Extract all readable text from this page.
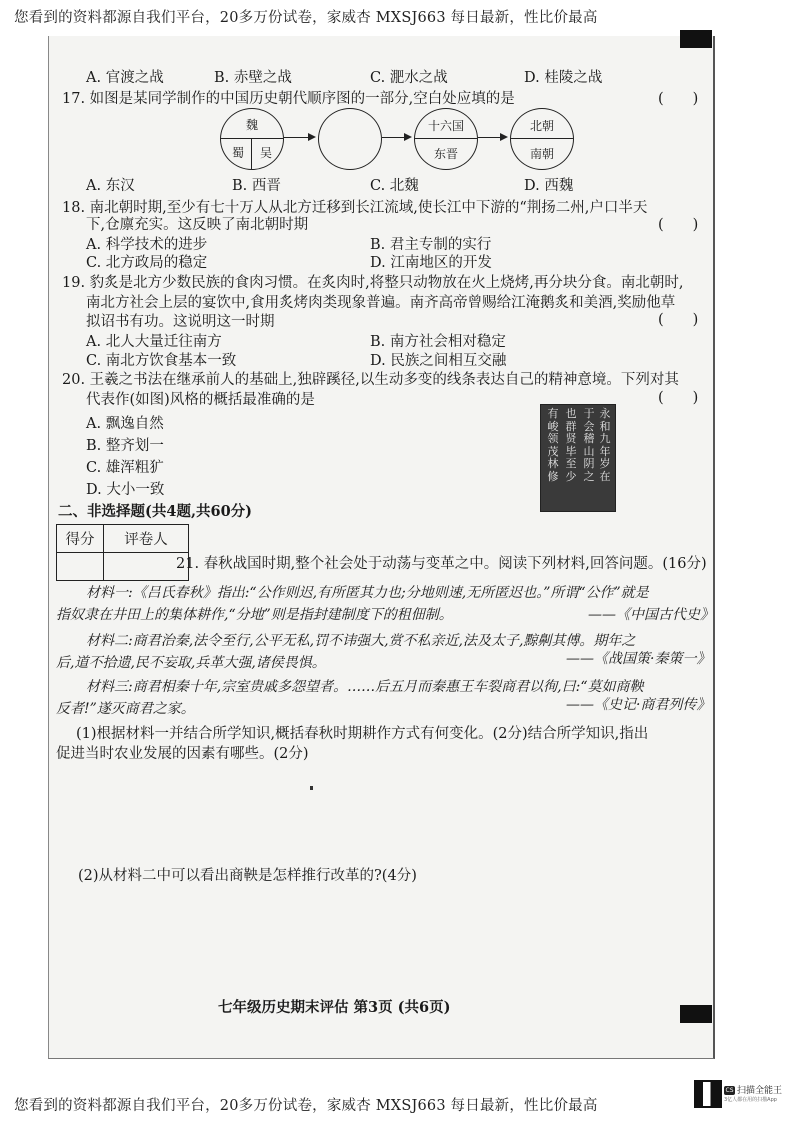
您看到的资料都源自我们平台，20多万份试卷，家威杏 MXSJ663 每日最新，性比价最高
A. 官渡之战	B. 赤壁之战	C. 淝水之战	D. 桂陵之战
17. 如图是某同学制作的中国历史朝代顺序图的一部分,空白处应填的是	(　　)
魏
蜀	吴
十六国
东晋
北朝
南朝
A. 东汉	B. 西晋	C. 北魏	D. 西魏
18. 南北朝时期,至少有七十万人从北方迁移到长江流域,使长江中下游的“荆扬二州,户口半天
下,仓廪充实。这反映了南北朝时期	(　　)
A. 科学技术的进步	B. 君主专制的实行
C. 北方政局的稳定	D. 江南地区的开发
19. 豹炙是北方少数民族的食肉习惯。在炙肉时,将整只动物放在火上烧烤,再分块分食。南北朝时,
南北方社会上层的宴饮中,食用炙烤肉类现象普遍。南齐高帝曾赐给江淹鹅炙和美酒,奖励他草
拟诏书有功。这说明这一时期	(　　)
A. 北人大量迁往南方	B. 南方社会相对稳定
C. 南北方饮食基本一致	D. 民族之间相互交融
20. 王羲之书法在继承前人的基础上,独辟蹊径,以生动多变的线条表达自己的精神意境。下列对其
代表作(如图)风格的概括最准确的是	(　　)
A. 飘逸自然
B. 整齐划一
C. 雄浑粗犷
D. 大小一致
永
和
九
年
岁
在
于
会
稽
山
阴
之
也
群
贤
毕
至
少
有
峻
领
茂
林
修
二、非选择题(共4题,共60分)
得分	评卷人

21. 春秋战国时期,整个社会处于动荡与变革之中。阅读下列材料,回答问题。(16分)
材料一:《吕氏春秋》指出:“公作则迟,有所匿其力也;分地则速,无所匿迟也。”所谓“公作”就是
指奴隶在井田上的集体耕作,“分地”则是指封建制度下的租佃制。	——《中国古代史》
材料二:商君治秦,法令至行,公平无私,罚不讳强大,赏不私亲近,法及太子,黥劓其傅。期年之
后,道不拾遗,民不妄取,兵革大强,诸侯畏惧。	——《战国策·秦策一》
材料三:商君相秦十年,宗室贵戚多怨望者。……后五月而秦惠王车裂商君以徇,曰:“莫如商鞅
反者!”遂灭商君之家。	——《史记·商君列传》
(1)根据材料一并结合所学知识,概括春秋时期耕作方式有何变化。(2分)结合所学知识,指出
促进当时农业发展的因素有哪些。(2分)
(2)从材料二中可以看出商鞅是怎样推行改革的?(4分)
七年级历史期末评估 第3页 (共6页)
您看到的资料都源自我们平台，20多万份试卷，家威杏 MXSJ663 每日最新，性比价最高
CS 扫描全能王
3亿人都在用的扫描App
